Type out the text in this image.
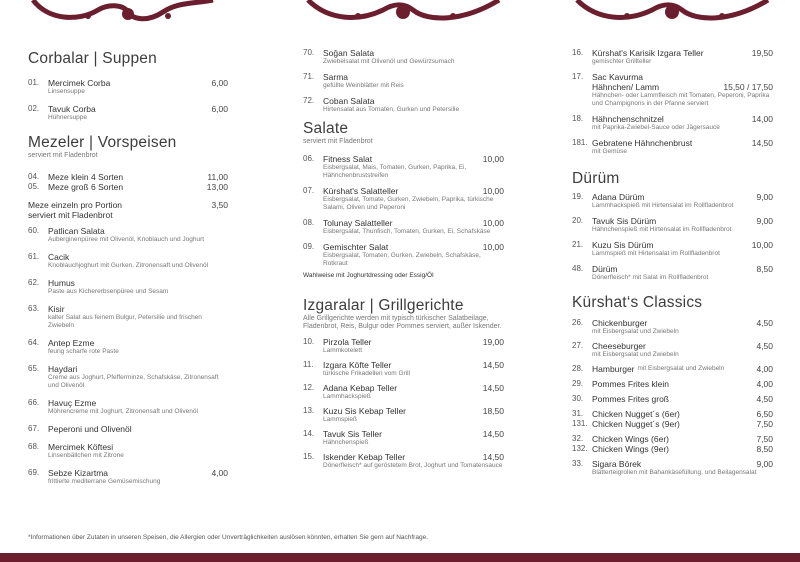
Corbalar | Suppen
01.	Mercimek Corba	6,00
Linsensuppe
02.	Tavuk Corba	6,00
Hühnersuppe
Mezeler | Vorspeisen
serviert mit Fladenbrot
04.	Meze klein 4 Sorten	11,00
05.	Meze groß 6 Sorten	13,00
Meze einzeln pro Portion	3,50
serviert mit Fladenbrot
60.	Patlican Salata
Auberginenpüree mit Olivenöl, Knoblauch und Joghurt
61.	Cacik
Knoblauchjoghurt mit Gurken, Zitronensaft und Olivenöl
62.	Humus
Paste aus Kichererbsenpüree und Sesam
63.	Kisir
kalter Salat aus feinem Bulgur, Petersilie und frischen Zwiebeln
64.	Antep Ezme
feurig scharfe rote Paste
65.	Haydari
Creme aus Joghurt, Pfefferminze, Schafskäse, Zitronensaft und Olivenöl
66.	Havuç Ezme
Möhrencreme mit Joghurt, Zitronensaft und Olivenöl
67.	Peperoni und Olivenöl
68.	Mercimek Köftesi
Linsenbällchen mit Zitrone
69.	Sebze Kizartma	4,00
frittierte mediterrane Gemüsemischung
70.	Soğan Salata
Zwiebelsalat mit Olivenöl und Gewürzsumach
71.	Sarma
gefüllte Weinblätter mit Reis
72.	Coban Salata
Hirtensalat aus Tomaten, Gurken und Petersilie
Salate
serviert mit Fladenbrot
06.	Fitness Salat	10,00
Eisbergsalat, Mais, Tomaten, Gurken, Paprika, Ei, Hähnchenbruststreifen
07.	Kürshat's Salatteller	10,00
Eisbergsalat, Tomate, Gurken, Zwiebeln, Paprika, türkische Salami, Oliven und Peperoni
08.	Tolunay Salatteller	10,00
Eisbergsalat, Thunfisch, Tomaten, Gurken, Ei, Schafskäse
09.	Gemischter Salat	10,00
Eisbergsalat, Tomaten, Gurken, Zwiebeln, Schafskäse, Rotkraut
Wahlweise mit Joghurtdressing oder Essig/Öl
Izgaralar | Grillgerichte
Alle Grillgerichte werden mit typisch türkischer Salatbeilage, Fladenbrot, Reis, Bulgur oder Pommes serviert, außer Iskender.
10.	Pirzola Teller	19,00
Lammkotelett
11.	Izgara Köfte Teller	14,50
türkische Frikadellen vom Grill
12.	Adana Kebap Teller	14,50
Lammhackspieß
13.	Kuzu Sis Kebap Teller	18,50
Lammspieß
14.	Tavuk Sis Teller	14,50
Hähnchenspieß
15.	Iskender Kebap Teller	14,50
Dönerfleisch* auf geröstetem Brot, Joghurt und Tomatensauce
16.	Kürshat's Karisik Izgara Teller	19,50
gemischter Grillteller
17.	Sac Kavurma
Hähnchen/ Lamm	15,50 / 17,50
Hähnchen- oder Lammfleisch mit Tomaten, Peperoni, Paprika und Champignons in der Pfanne serviert
18.	Hähnchenschnitzel	14,00
mit Paprika-Zwiebel-Sauce oder Jägersauce
181. Gebratene Hähnchenbrust	14,50
mit Gemüse
Dürüm
19.	Adana Dürüm	9,00
Lammhackspieß mit Hirtensalat im Rollfladenbrot
20.	Tavuk Sis Dürüm	9,00
Hähnchenspieß mit Hirtensalat im Rollfladenbrot
21.	Kuzu Sis Dürüm	10,00
Lammspieß mit Hirtensalat im Rollfladenbrot
48.	Dürüm	8,50
Dönerfleisch* mit Salat im Rollfladenbrot
Kürshat‘s Classics
26.	Chickenburger	4,50
mit Eisbergsalat und Zwiebeln
27.	Cheeseburger	4,50
mit Eisbergsalat und Zwiebeln
28.	Hamburger mit Eisbergsalat und Zwiebeln	4,00
29.	Pommes Frites klein	4,00
30.	Pommes Frites groß	4,50
31.	Chicken Nugget´s (6er)	6,50
131. Chicken Nugget´s (9er)	7,50
32.	Chicken Wings (6er)	7,50
132. Chicken Wings (9er)	8,50
33.	Sigara Börek	9,00
Blätterteigrollen mit Bahankäsefüllung, und Beilagensalat
*Informationen über Zutaten in unseren Speisen, die Allergien oder Unverträglichkeiten auslösen könnten, erhalten Sie gern auf Nachfrage.
